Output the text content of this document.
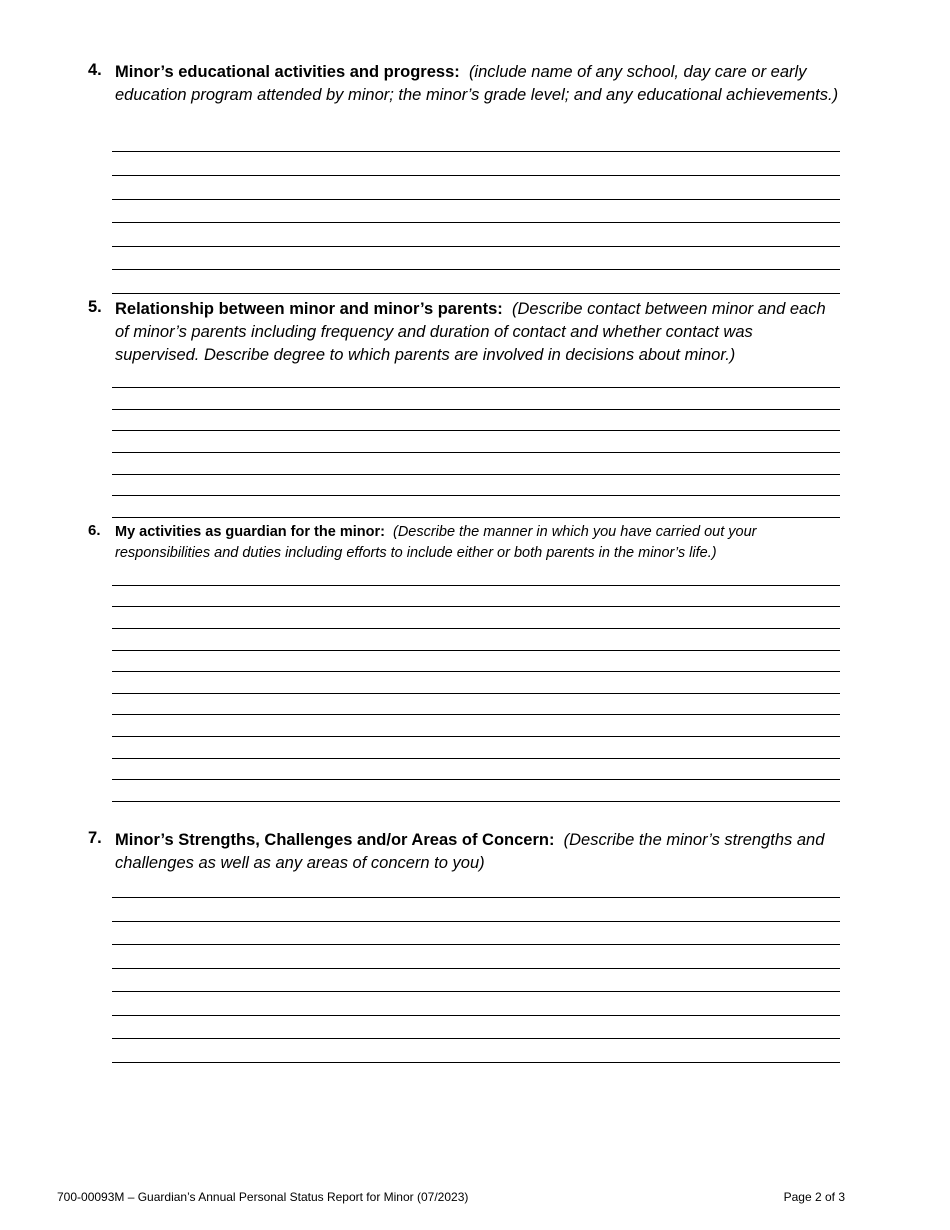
4. Minor’s educational activities and progress: (include name of any school, day care or early education program attended by minor; the minor’s grade level; and any educational achievements.)
5. Relationship between minor and minor’s parents: (Describe contact between minor and each of minor’s parents including frequency and duration of contact and whether contact was supervised. Describe degree to which parents are involved in decisions about minor.)
6. My activities as guardian for the minor: (Describe the manner in which you have carried out your responsibilities and duties including efforts to include either or both parents in the minor’s life.)
7. Minor’s Strengths, Challenges and/or Areas of Concern: (Describe the minor’s strengths and challenges as well as any areas of concern to you)
700-00093M – Guardian’s Annual Personal Status Report for Minor (07/2023)	Page 2 of 3
